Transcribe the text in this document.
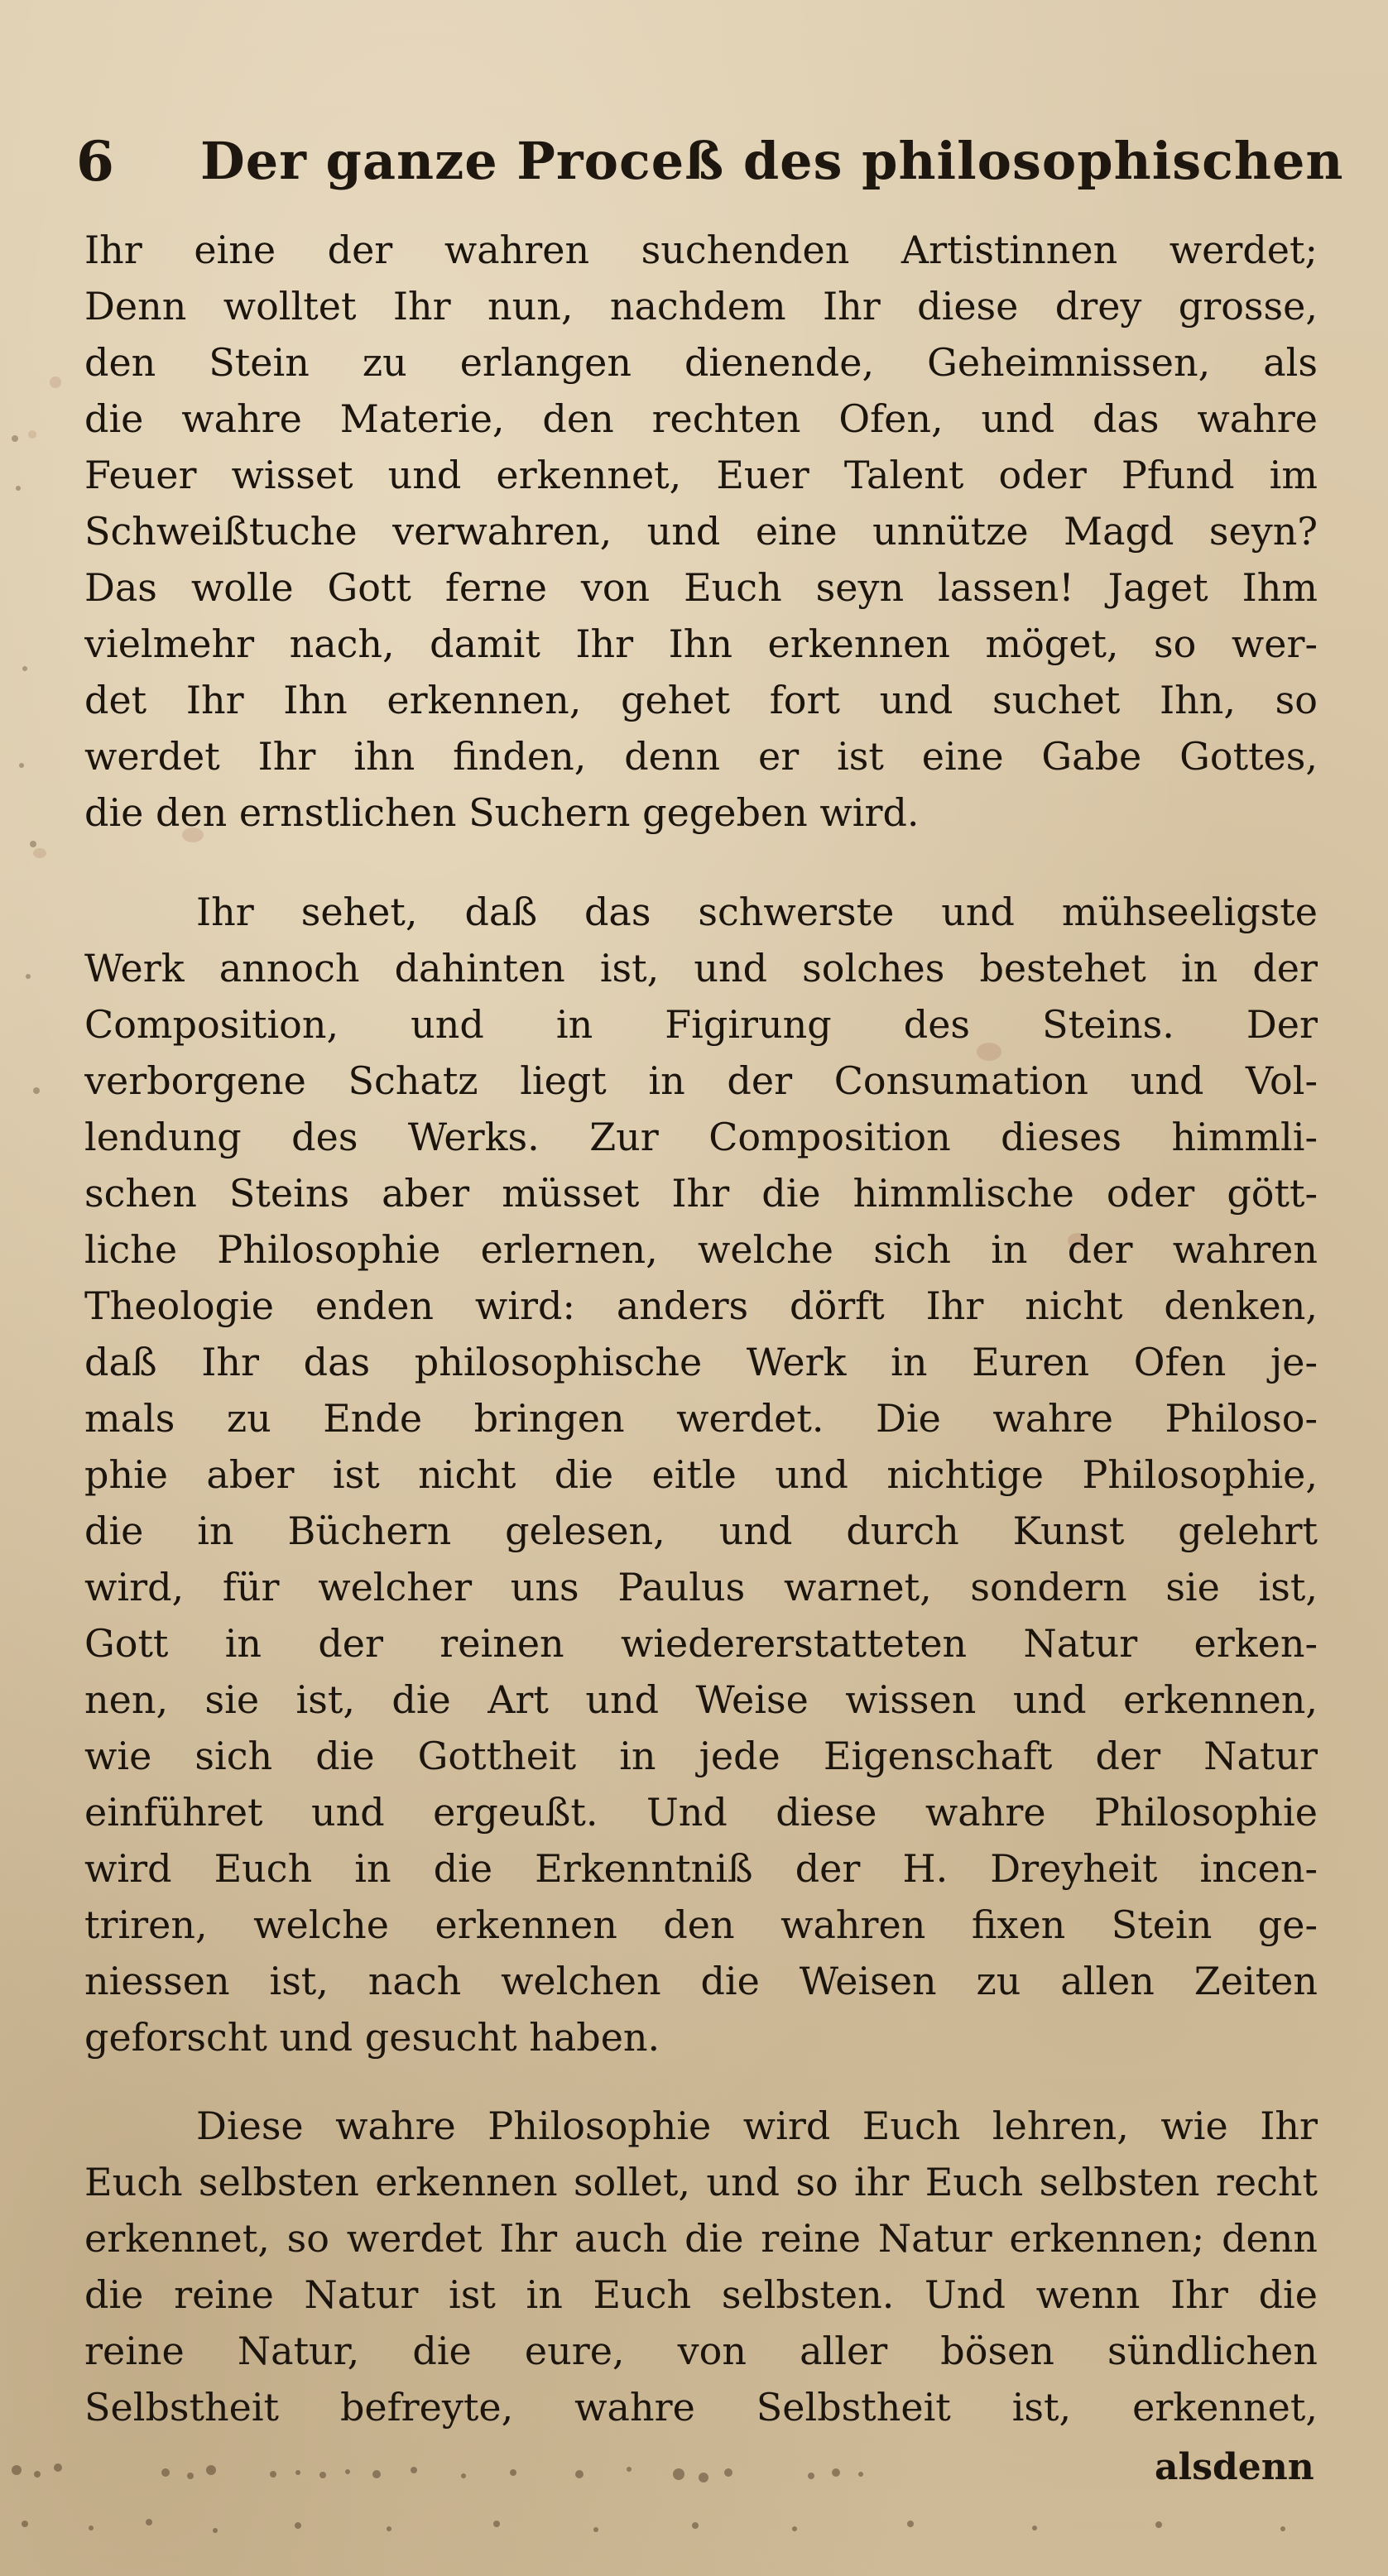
6 Der ganze Proceß des philosophischen
Ihr eine der wahren suchenden Artistinnen werdet;
Denn wolltet Ihr nun, nachdem Ihr diese drey grosse,
den Stein zu erlangen dienende, Geheimnissen, als
die wahre Materie, den rechten Ofen, und das wahre
Feuer wisset und erkennet, Euer Talent oder Pfund im
Schweißtuche verwahren, und eine unnütze Magd seyn?
Das wolle Gott ferne von Euch seyn lassen! Jaget Ihm
vielmehr nach, damit Ihr Ihn erkennen möget, so wer-
det Ihr Ihn erkennen, gehet fort und suchet Ihn, so
werdet Ihr ihn finden, denn er ist eine Gabe Gottes,
die den ernstlichen Suchern gegeben wird.
Ihr sehet, daß das schwerste und mühseeligste
Werk annoch dahinten ist, und solches bestehet in der
Composition, und in Figirung des Steins. Der
verborgene Schatz liegt in der Consumation und Vol-
lendung des Werks. Zur Composition dieses himmli-
schen Steins aber müsset Ihr die himmlische oder gött-
liche Philosophie erlernen, welche sich in der wahren
Theologie enden wird: anders dörft Ihr nicht denken,
daß Ihr das philosophische Werk in Euren Ofen je-
mals zu Ende bringen werdet. Die wahre Philoso-
phie aber ist nicht die eitle und nichtige Philosophie,
die in Büchern gelesen, und durch Kunst gelehrt
wird, für welcher uns Paulus warnet, sondern sie ist,
Gott in der reinen wiedererstatteten Natur erken-
nen, sie ist, die Art und Weise wissen und erkennen,
wie sich die Gottheit in jede Eigenschaft der Natur
einführet und ergeußt. Und diese wahre Philosophie
wird Euch in die Erkenntniß der H. Dreyheit incen-
triren, welche erkennen den wahren fixen Stein ge-
niessen ist, nach welchen die Weisen zu allen Zeiten
geforscht und gesucht haben.
Diese wahre Philosophie wird Euch lehren, wie Ihr
Euch selbsten erkennen sollet, und so ihr Euch selbsten recht
erkennet, so werdet Ihr auch die reine Natur erkennen; denn
die reine Natur ist in Euch selbsten. Und wenn Ihr die
reine Natur, die eure, von aller bösen sündlichen
Selbstheit befreyte, wahre Selbstheit ist, erkennet,
alsdenn
